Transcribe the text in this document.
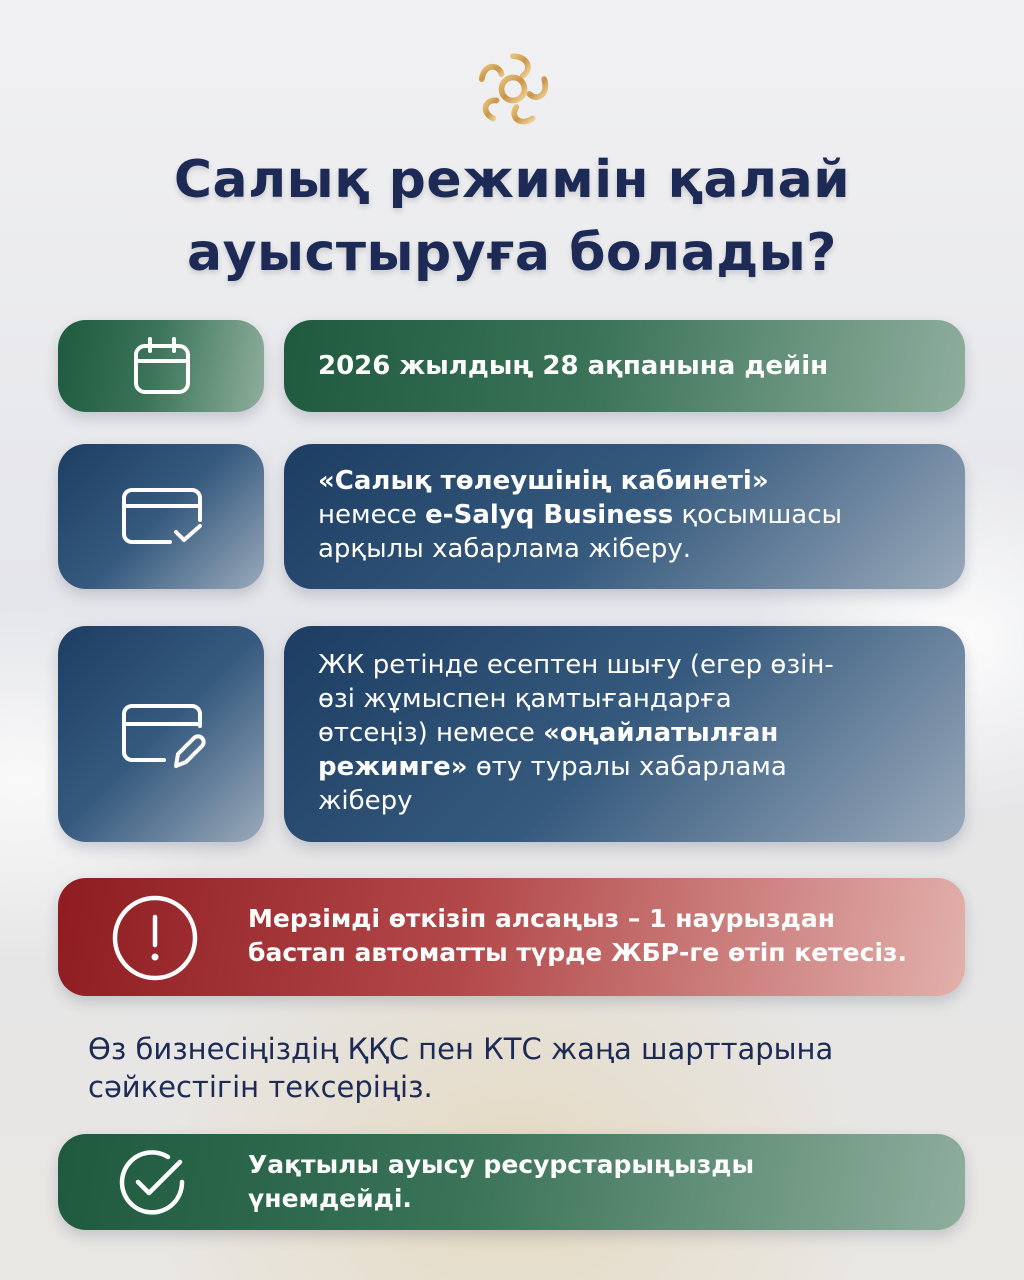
Салық режимін қалай
ауыстыруға болады?
2026 жылдың 28 ақпанына дейін
«Салық төлеушінің кабинеті»
немесе e-Salyq Business қосымшасы
арқылы хабарлама жіберу.
ЖК ретінде есептен шығу (егер өзін-
өзі жұмыспен қамтығандарға
өтсеңіз) немесе «оңайлатылған
режимге» өту туралы хабарлама
жіберу
Мерзімді өткізіп алсаңыз – 1 наурыздан
бастап автоматты түрде ЖБР-ге өтіп кетесіз.
Өз бизнесіңіздің ҚҚС пен КТС жаңа шарттарына
сәйкестігін тексеріңіз.
Уақтылы ауысу ресурстарыңызды
үнемдейді.
